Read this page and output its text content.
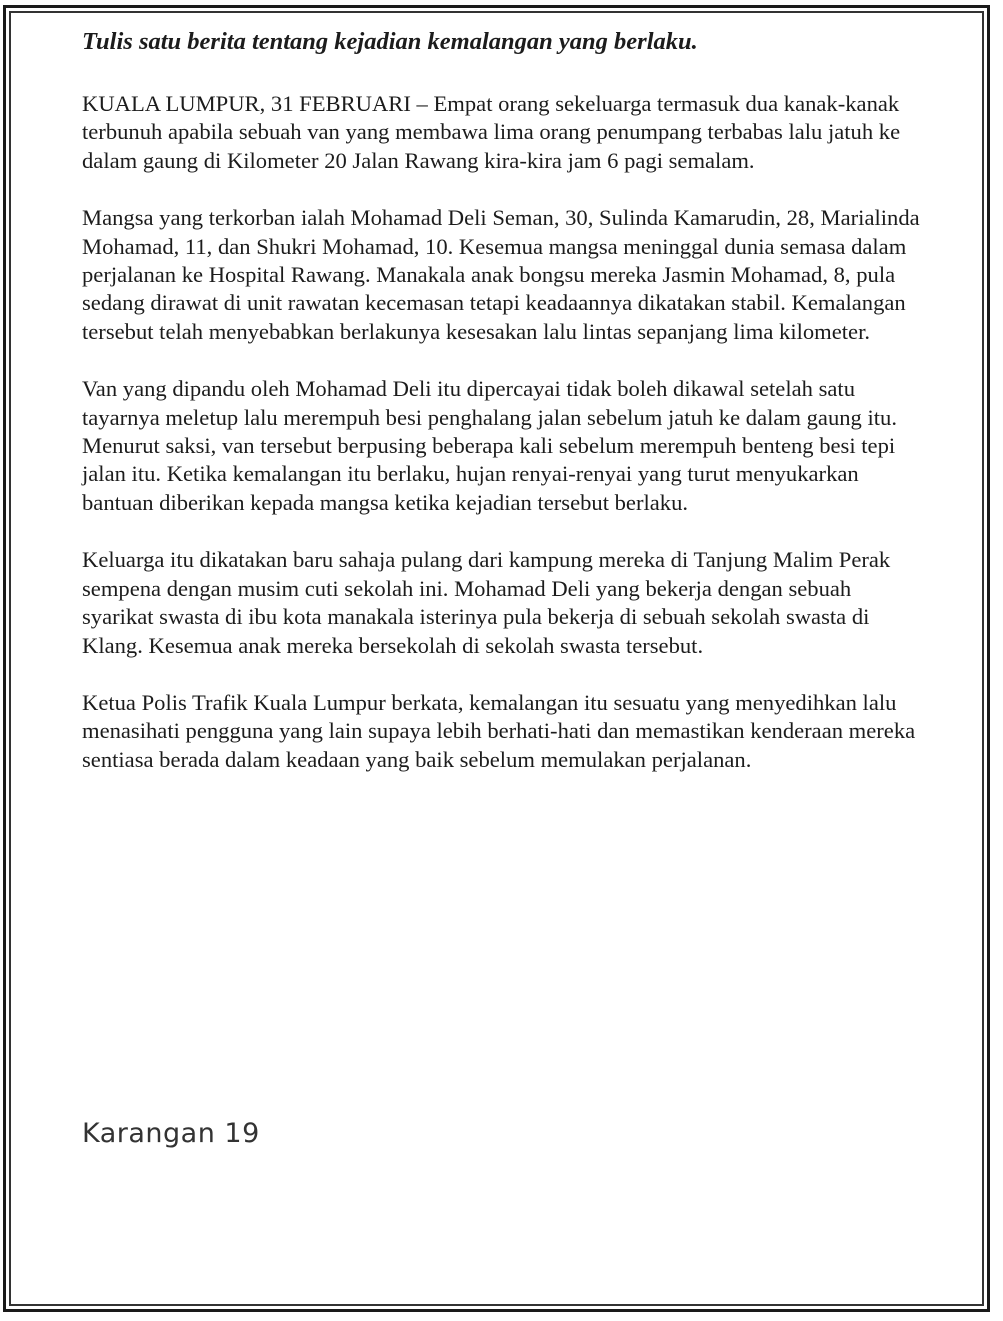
Tulis satu berita tentang kejadian kemalangan yang berlaku.

KUALA LUMPUR, 31 FEBRUARI – Empat orang sekeluarga termasuk dua kanak-kanak terbunuh apabila sebuah van yang membawa lima orang penumpang terbabas lalu jatuh ke dalam gaung di Kilometer 20 Jalan Rawang kira-kira jam 6 pagi semalam.

Mangsa yang terkorban ialah Mohamad Deli Seman, 30, Sulinda Kamarudin, 28, Marialinda Mohamad, 11, dan Shukri Mohamad, 10. Kesemua mangsa meninggal dunia semasa dalam perjalanan ke Hospital Rawang. Manakala anak bongsu mereka Jasmin Mohamad, 8, pula sedang dirawat di unit rawatan kecemasan tetapi keadaannya dikatakan stabil. Kemalangan tersebut telah menyebabkan berlakunya kesesakan lalu lintas sepanjang lima kilometer.

Van yang dipandu oleh Mohamad Deli itu dipercayai tidak boleh dikawal setelah satu tayarnya meletup lalu merempuh besi penghalang jalan sebelum jatuh ke dalam gaung itu. Menurut saksi, van tersebut berpusing beberapa kali sebelum merempuh benteng besi tepi jalan itu. Ketika kemalangan itu berlaku, hujan renyai-renyai yang turut menyukarkan bantuan diberikan kepada mangsa ketika kejadian tersebut berlaku.

Keluarga itu dikatakan baru sahaja pulang dari kampung mereka di Tanjung Malim Perak sempena dengan musim cuti sekolah ini. Mohamad Deli yang bekerja dengan sebuah syarikat swasta di ibu kota manakala isterinya pula bekerja di sebuah sekolah swasta di Klang. Kesemua anak mereka bersekolah di sekolah swasta tersebut.

Ketua Polis Trafik Kuala Lumpur berkata, kemalangan itu sesuatu yang menyedihkan lalu menasihati pengguna yang lain supaya lebih berhati-hati dan memastikan kenderaan mereka sentiasa berada dalam keadaan yang baik sebelum memulakan perjalanan.

Karangan 19
